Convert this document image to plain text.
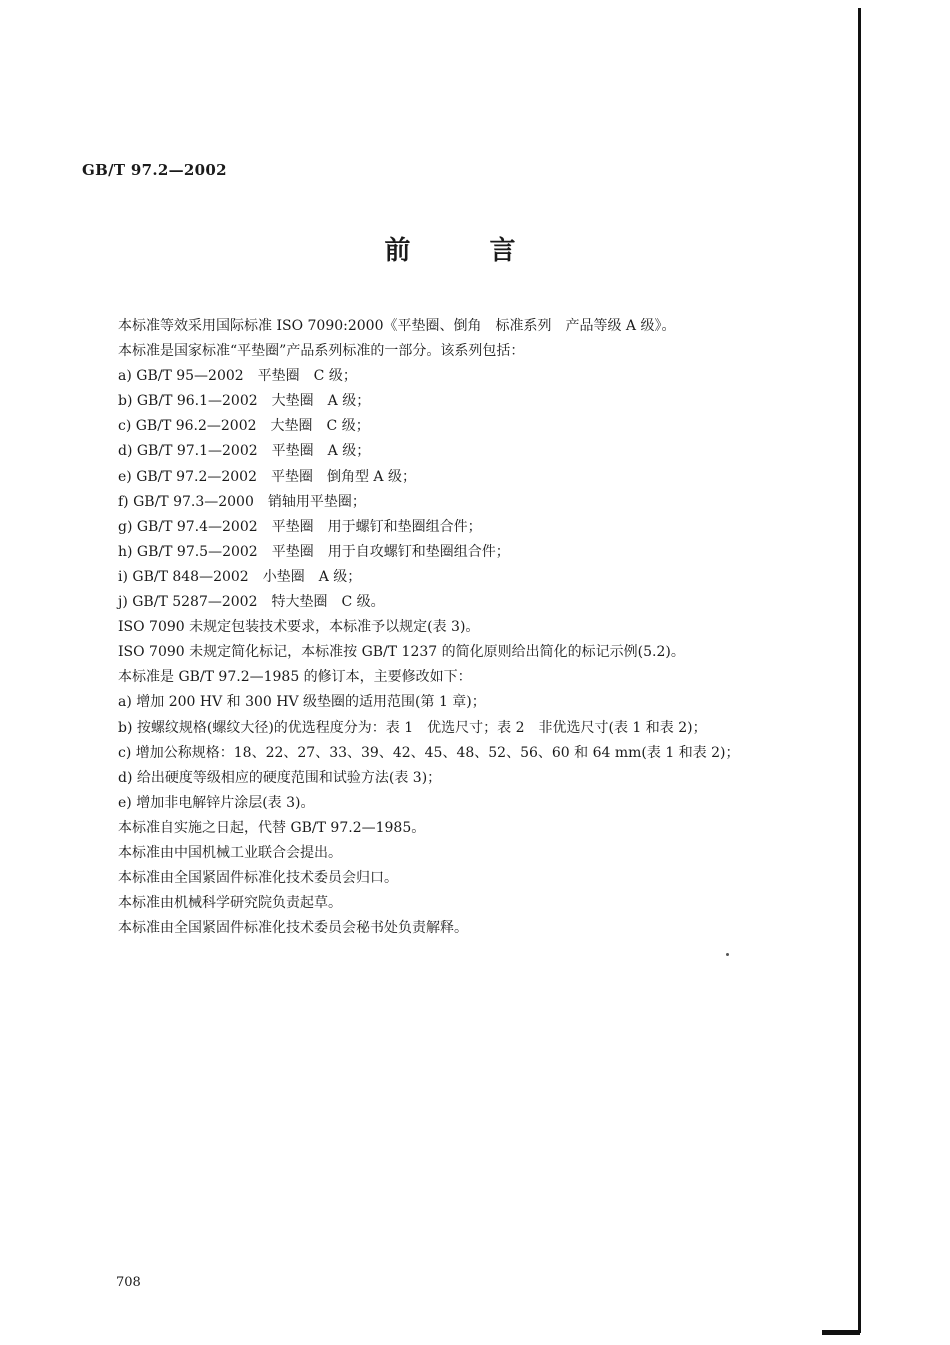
GB/T 97.2—2002
前 言
本标准等效采用国际标准 ISO 7090:2000《平垫圈、倒角　标准系列　产品等级 A 级》。
本标准是国家标准“平垫圈”产品系列标准的一部分。该系列包括：
a) GB/T 95—2002　平垫圈　C 级；
b) GB/T 96.1—2002　大垫圈　A 级；
c) GB/T 96.2—2002　大垫圈　C 级；
d) GB/T 97.1—2002　平垫圈　A 级；
e) GB/T 97.2—2002　平垫圈　倒角型 A 级；
f) GB/T 97.3—2000　销轴用平垫圈；
g) GB/T 97.4—2002　平垫圈　用于螺钉和垫圈组合件；
h) GB/T 97.5—2002　平垫圈　用于自攻螺钉和垫圈组合件；
i) GB/T 848—2002　小垫圈　A 级；
j) GB/T 5287—2002　特大垫圈　C 级。
ISO 7090 未规定包装技术要求，本标准予以规定(表 3)。
ISO 7090 未规定简化标记，本标准按 GB/T 1237 的简化原则给出简化的标记示例(5.2)。
本标准是 GB/T 97.2—1985 的修订本，主要修改如下：
a) 增加 200 HV 和 300 HV 级垫圈的适用范围(第 1 章)；
b) 按螺纹规格(螺纹大径)的优选程度分为：表 1　优选尺寸；表 2　非优选尺寸(表 1 和表 2)；
c) 增加公称规格：18、22、27、33、39、42、45、48、52、56、60 和 64 mm(表 1 和表 2)；
d) 给出硬度等级相应的硬度范围和试验方法(表 3)；
e) 增加非电解锌片涂层(表 3)。
本标准自实施之日起，代替 GB/T 97.2—1985。
本标准由中国机械工业联合会提出。
本标准由全国紧固件标准化技术委员会归口。
本标准由机械科学研究院负责起草。
本标准由全国紧固件标准化技术委员会秘书处负责解释。
708
